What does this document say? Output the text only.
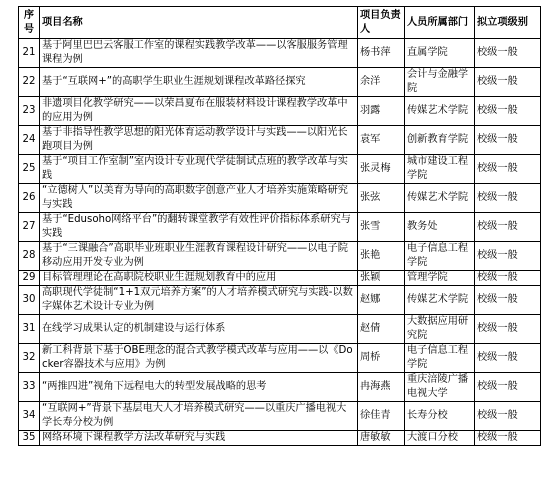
序号	项目名称	项目负责人	人员所属部门	拟立项级别
21	基于阿里巴巴云客服工作室的课程实践教学改革——以客服服务管理课程为例	杨书萍	直属学院	校级一般
22	基于“互联网+”的高职学生职业生涯规划课程改革路径探究	余洋	会计与金融学院	校级一般
23	非遗项目化教学研究——以荣昌夏布在服装材料设计课程教学改革中的应用为例	羽露	传媒艺术学院	校级一般
24	基于非指导性教学思想的阳光体育运动教学设计与实践——以阳光长跑项目为例	袁军	创新教育学院	校级一般
25	基于“项目工作室制”室内设计专业现代学徒制试点班的教学改革与实践	张灵梅	城市建设工程学院	校级一般
26	“立德树人”以美育为导向的高职数字创意产业人才培养实施策略研究与实践	张弦	传媒艺术学院	校级一般
27	基于“Edusoho网络平台”的翻转课堂教学有效性评价指标体系研究与实践	张雪	教务处	校级一般
28	基于“三课融合”高职毕业班职业生涯教育课程设计研究——以电子院移动应用开发专业为例	张艳	电子信息工程学院	校级一般
29	目标管理理论在高职院校职业生涯规划教育中的应用	张颖	管理学院	校级一般
30	高职现代学徒制“1+1双元培养方案”的人才培养模式研究与实践-以数字媒体艺术设计专业为例	赵娜	传媒艺术学院	校级一般
31	在线学习成果认定的机制建设与运行体系	赵倩	大数据应用研究院	校级一般
32	新工科背景下基于OBE理念的混合式教学模式改革与应用——以《Docker容器技术与应用》为例	周桥	电子信息工程学院	校级一般
33	“两推四进”视角下远程电大的转型发展战略的思考	冉海燕	重庆涪陵广播电视大学	校级一般
34	“互联网+”背景下基层电大人才培养模式研究——以重庆广播电视大学长寿分校为例	徐佳青	长寿分校	校级一般
35	网络环境下课程教学方法改革研究与实践	唐敏敏	大渡口分校	校级一般
